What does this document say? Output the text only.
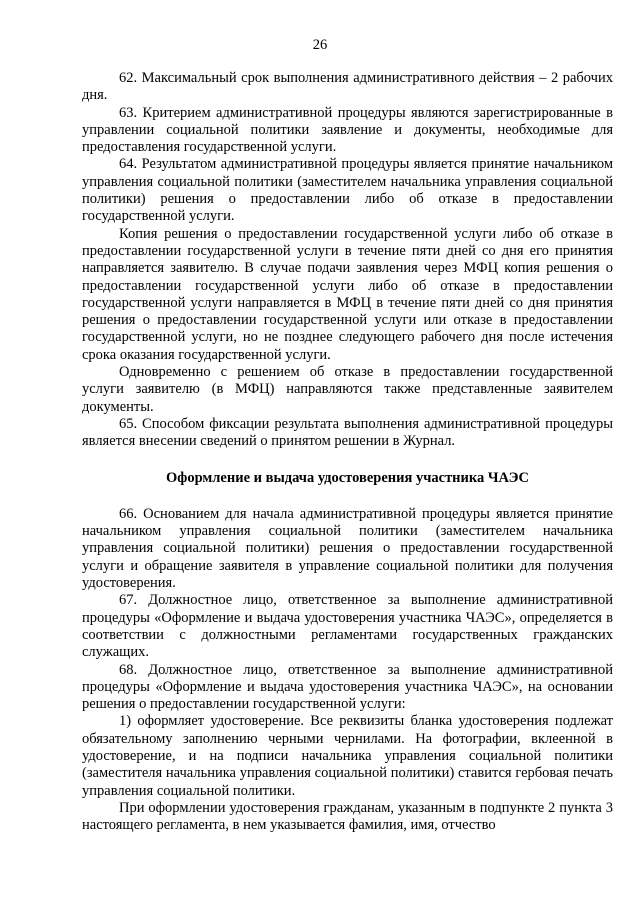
26

62. Максимальный срок выполнения административного действия – 2 рабочих дня.

63. Критерием административной процедуры являются зарегистрированные в управлении социальной политики заявление и документы, необходимые для предоставления государственной услуги.

64. Результатом административной процедуры является принятие начальником управления социальной политики (заместителем начальника управления социальной политики) решения о предоставлении либо об отказе в предоставлении государственной услуги.

Копия решения о предоставлении государственной услуги либо об отказе в предоставлении государственной услуги в течение пяти дней со дня его принятия направляется заявителю. В случае подачи заявления через МФЦ копия решения о предоставлении государственной услуги либо об отказе в предоставлении государственной услуги направляется в МФЦ в течение пяти дней со дня принятия решения о предоставлении государственной услуги или отказе в предоставлении государственной услуги, но не позднее следующего рабочего дня после истечения срока оказания государственной услуги.

Одновременно с решением об отказе в предоставлении государственной услуги заявителю (в МФЦ) направляются также представленные заявителем документы.

65. Способом фиксации результата выполнения административной процедуры является внесении сведений о принятом решении в Журнал.

Оформление и выдача удостоверения участника ЧАЭС

66. Основанием для начала административной процедуры является принятие начальником управления социальной политики (заместителем начальника управления социальной политики) решения о предоставлении государственной услуги и обращение заявителя в управление социальной политики для получения удостоверения.

67. Должностное лицо, ответственное за выполнение административной процедуры «Оформление и выдача удостоверения участника ЧАЭС», определяется в соответствии с должностными регламентами государственных гражданских служащих.

68. Должностное лицо, ответственное за выполнение административной процедуры «Оформление и выдача удостоверения участника ЧАЭС», на основании решения о предоставлении государственной услуги:

1) оформляет удостоверение. Все реквизиты бланка удостоверения подлежат обязательному заполнению черными чернилами. На фотографии, вклеенной в удостоверение, и на подписи начальника управления социальной политики (заместителя начальника управления социальной политики) ставится гербовая печать управления социальной политики.

При оформлении удостоверения гражданам, указанным в подпункте 2 пункта 3 настоящего регламента, в нем указывается фамилия, имя, отчество
